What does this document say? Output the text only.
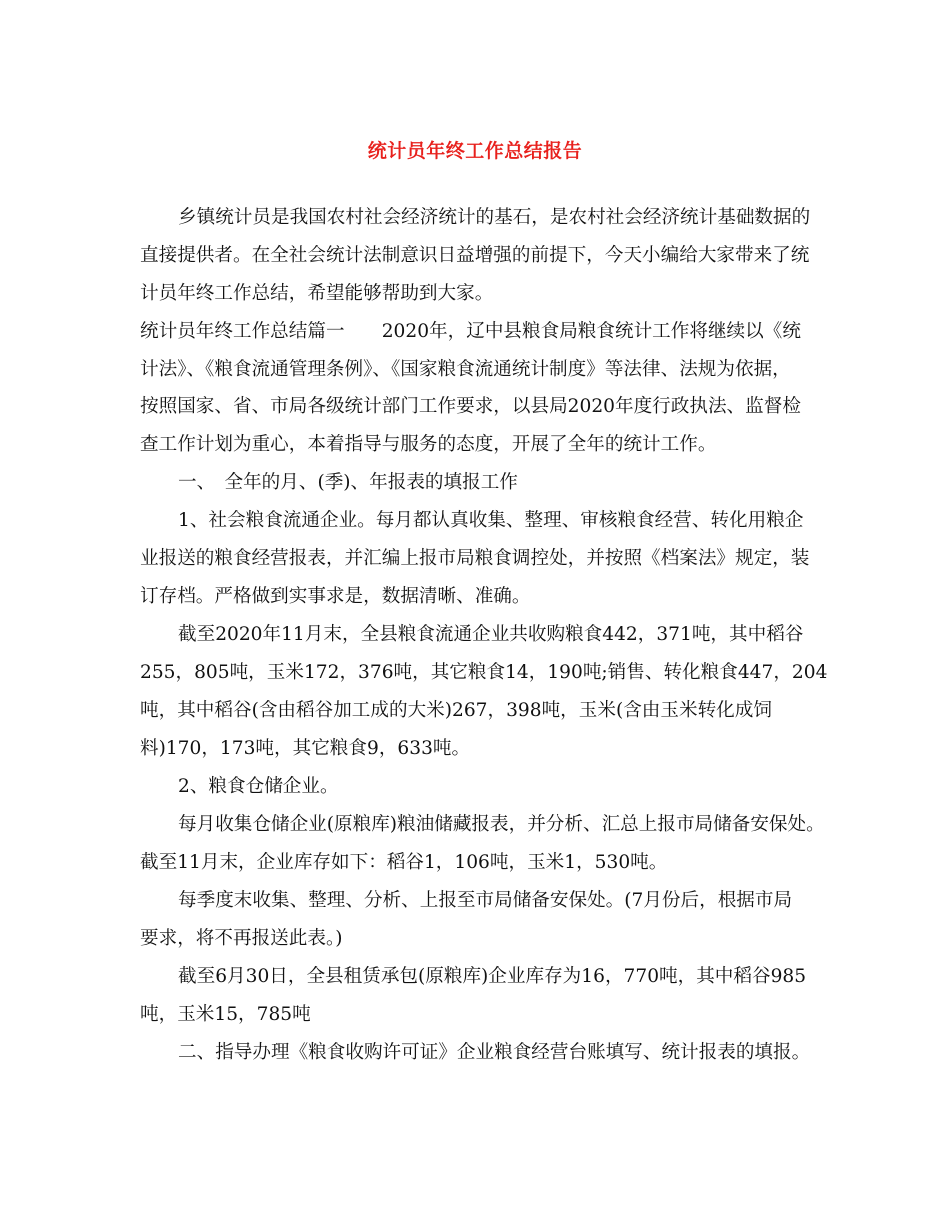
统计员年终工作总结报告
乡镇统计员是我国农村社会经济统计的基石，是农村社会经济统计基础数据的
直接提供者。在全社会统计法制意识日益增强的前提下，今天小编给大家带来了统
计员年终工作总结，希望能够帮助到大家。
统计员年终工作总结篇一　　2020年，辽中县粮食局粮食统计工作将继续以《统
计法》、《粮食流通管理条例》、《国家粮食流通统计制度》等法律、法规为依据，
按照国家、省、市局各级统计部门工作要求，以县局2020年度行政执法、监督检
查工作计划为重心，本着指导与服务的态度，开展了全年的统计工作。
一、　全年的月、(季)、年报表的填报工作
1、社会粮食流通企业。每月都认真收集、整理、审核粮食经营、转化用粮企
业报送的粮食经营报表，并汇编上报市局粮食调控处，并按照《档案法》规定，装
订存档。严格做到实事求是，数据清晰、准确。
截至2020年11月末，全县粮食流通企业共收购粮食442，371吨，其中稻谷
255，805吨，玉米172，376吨，其它粮食14，190吨;销售、转化粮食447，204
吨，其中稻谷(含由稻谷加工成的大米)267，398吨，玉米(含由玉米转化成饲
料)170，173吨，其它粮食9，633吨。
2、粮食仓储企业。
每月收集仓储企业(原粮库)粮油储藏报表，并分析、汇总上报市局储备安保处。
截至11月末，企业库存如下：稻谷1，106吨，玉米1，530吨。
每季度末收集、整理、分析、上报至市局储备安保处。(7月份后，根据市局
要求，将不再报送此表。)
截至6月30日，全县租赁承包(原粮库)企业库存为16，770吨，其中稻谷985
吨，玉米15，785吨
二、指导办理《粮食收购许可证》企业粮食经营台账填写、统计报表的填报。
